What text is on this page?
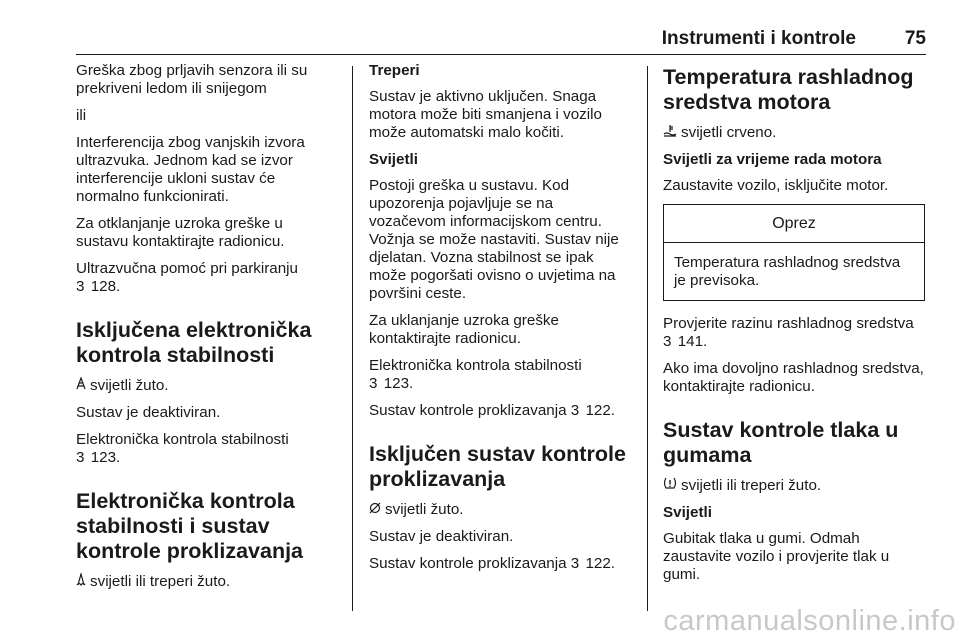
Instrumenti i kontrole	75

Greška zbog prljavih senzora ili su prekriveni ledom ili snijegom

ili

Interferencija zbog vanjskih izvora ultrazvuka. Jednom kad se izvor interferencije ukloni sustav će normalno funkcionirati.

Za otklanjanje uzroka greške u sustavu kontaktirajte radionicu.

Ultrazvučna pomoć pri parkiranju
3 128.

Isključena elektronička kontrola stabilnosti

svijetli žuto.

Sustav je deaktiviran.

Elektronička kontrola stabilnosti
3 123.

Elektronička kontrola stabilnosti i sustav kontrole proklizavanja

svijetli ili treperi žuto.

Treperi

Sustav je aktivno uključen. Snaga motora može biti smanjena i vozilo može automatski malo kočiti.

Svijetli

Postoji greška u sustavu. Kod upozorenja pojavljuje se na vozačevom informacijskom centru. Vožnja se može nastaviti. Sustav nije djelatan. Vozna stabilnost se ipak može pogoršati ovisno o uvjetima na površini ceste.

Za uklanjanje uzroka greške kontaktirajte radionicu.

Elektronička kontrola stabilnosti
3 123.

Sustav kontrole proklizavanja 3 122.

Isključen sustav kontrole proklizavanja

svijetli žuto.

Sustav je deaktiviran.

Sustav kontrole proklizavanja 3 122.

Temperatura rashladnog sredstva motora

svijetli crveno.

Svijetli za vrijeme rada motora

Zaustavite vozilo, isključite motor.

Oprez
Temperatura rashladnog sredstva je previsoka.

Provjerite razinu rashladnog sredstva
3 141.

Ako ima dovoljno rashladnog sredstva, kontaktirajte radionicu.

Sustav kontrole tlaka u gumama

svijetli ili treperi žuto.

Svijetli

Gubitak tlaka u gumi. Odmah zaustavite vozilo i provjerite tlak u gumi.

carmanualsonline.info
